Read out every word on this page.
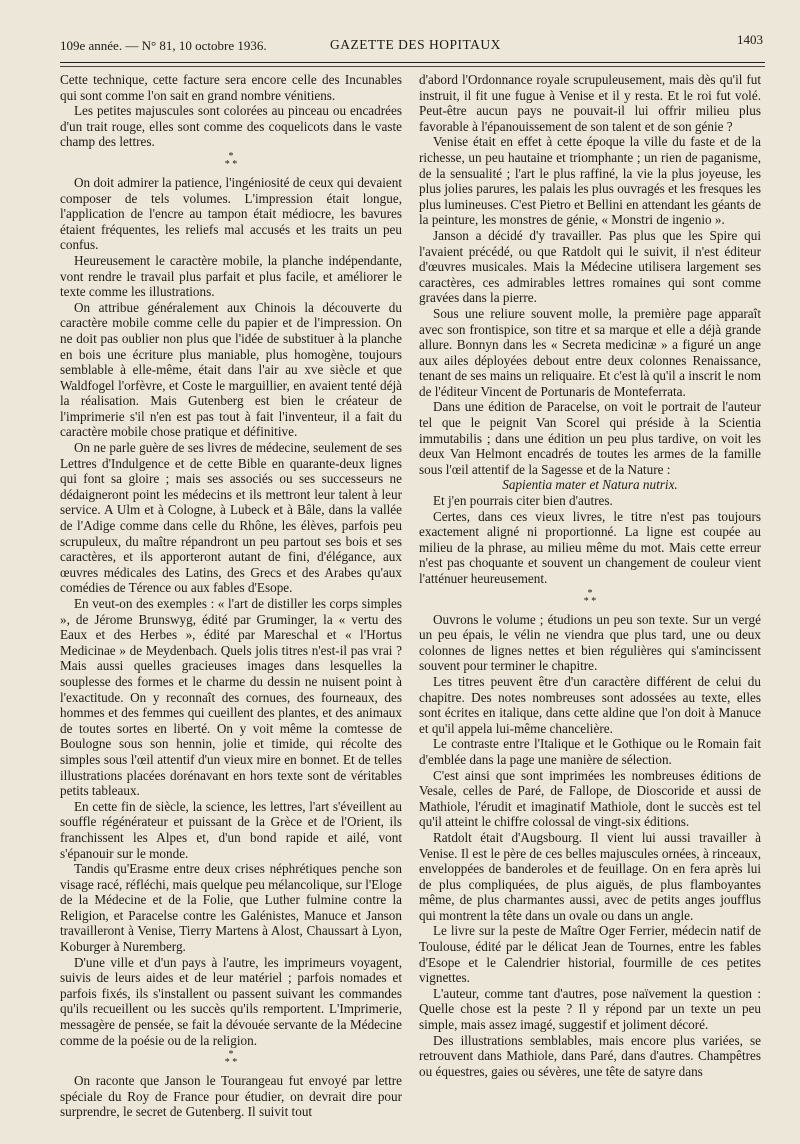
109e année. — N° 81, 10 octobre 1936.	GAZETTE DES HOPITAUX	1403

Cette technique, cette facture sera encore celle des Incunables qui sont comme l'on sait en grand nombre vénitiens.

Les petites majuscules sont colorées au pinceau ou encadrées d'un trait rouge, elles sont comme des coquelicots dans le vaste champ des lettres.

*
* *

On doit admirer la patience, l'ingéniosité de ceux qui devaient composer de tels volumes. L'impression était longue, l'application de l'encre au tampon était médiocre, les bavures étaient fréquentes, les reliefs mal accusés et les traits un peu confus.

Heureusement le caractère mobile, la planche indépendante, vont rendre le travail plus parfait et plus facile, et améliorer le texte comme les illustrations.

On attribue généralement aux Chinois la découverte du caractère mobile comme celle du papier et de l'impression. On ne doit pas oublier non plus que l'idée de substituer à la planche en bois une écriture plus maniable, plus homogène, toujours semblable à elle-même, était dans l'air au xve siècle et que Waldfogel l'orfèvre, et Coste le marguillier, en avaient tenté déjà la réalisation. Mais Gutenberg est bien le créateur de l'imprimerie s'il n'en est pas tout à fait l'inventeur, il a fait du caractère mobile chose pratique et définitive.

On ne parle guère de ses livres de médecine, seulement de ses Lettres d'Indulgence et de cette Bible en quarante-deux lignes qui font sa gloire ; mais ses associés ou ses successeurs ne dédaigneront point les médecins et ils mettront leur talent à leur service. A Ulm et à Cologne, à Lubeck et à Bâle, dans la vallée de l'Adige comme dans celle du Rhône, les élèves, parfois peu scrupuleux, du maître répandront un peu partout ses bois et ses caractères, et ils apporteront autant de fini, d'élégance, aux œuvres médicales des Latins, des Grecs et des Arabes qu'aux comédies de Térence ou aux fables d'Esope.

En veut-on des exemples : « l'art de distiller les corps simples », de Jérome Brunswyg, édité par Gruminger, la « vertu des Eaux et des Herbes », édité par Mareschal et « l'Hortus Medicinae » de Meydenbach. Quels jolis titres n'est-il pas vrai ? Mais aussi quelles gracieuses images dans lesquelles la souplesse des formes et le charme du dessin ne nuisent point à l'exactitude. On y reconnaît des cornues, des fourneaux, des hommes et des femmes qui cueillent des plantes, et des animaux de toutes sortes en liberté. On y voit même la comtesse de Boulogne sous son hennin, jolie et timide, qui récolte des simples sous l'œil attentif d'un vieux mire en bonnet. Et de telles illustrations placées dorénavant en hors texte sont de véritables petits tableaux.

En cette fin de siècle, la science, les lettres, l'art s'éveillent au souffle régénérateur et puissant de la Grèce et de l'Orient, ils franchissent les Alpes et, d'un bond rapide et ailé, vont s'épanouir sur le monde.

Tandis qu'Erasme entre deux crises néphrétiques penche son visage racé, réfléchi, mais quelque peu mélancolique, sur l'Eloge de la Médecine et de la Folie, que Luther fulmine contre la Religion, et Paracelse contre les Galénistes, Manuce et Janson travailleront à Venise, Tierry Martens à Alost, Chaussart à Lyon, Koburger à Nuremberg.

D'une ville et d'un pays à l'autre, les imprimeurs voyagent, suivis de leurs aides et de leur matériel ; parfois nomades et parfois fixés, ils s'installent ou passent suivant les commandes qu'ils recueillent ou les succès qu'ils remportent. L'Imprimerie, messagère de pensée, se fait la dévouée servante de la Médecine comme de la poésie ou de la religion.

*
* *

On raconte que Janson le Tourangeau fut envoyé par lettre spéciale du Roy de France pour étudier, on devrait dire pour surprendre, le secret de Gutenberg. Il suivit tout

d'abord l'Ordonnance royale scrupuleusement, mais dès qu'il fut instruit, il fit une fugue à Venise et il y resta. Et le roi fut volé. Peut-être aucun pays ne pouvait-il lui offrir milieu plus favorable à l'épanouissement de son talent et de son génie ?

Venise était en effet à cette époque la ville du faste et de la richesse, un peu hautaine et triomphante ; un rien de paganisme, de la sensualité ; l'art le plus raffiné, la vie la plus joyeuse, les plus jolies parures, les palais les plus ouvragés et les fresques les plus lumineuses. C'est Pietro et Bellini en attendant les géants de la peinture, les monstres de génie, « Monstri de ingenio ».

Janson a décidé d'y travailler. Pas plus que les Spire qui l'avaient précédé, ou que Ratdolt qui le suivit, il n'est éditeur d'œuvres musicales. Mais la Médecine utilisera largement ses caractères, ces admirables lettres romaines qui sont comme gravées dans la pierre.

Sous une reliure souvent molle, la première page apparaît avec son frontispice, son titre et sa marque et elle a déjà grande allure. Bonnyn dans les « Secreta medicinæ » a figuré un ange aux ailes déployées debout entre deux colonnes Renaissance, tenant de ses mains un reliquaire. Et c'est là qu'il a inscrit le nom de l'éditeur Vincent de Portunaris de Monteferrata.

Dans une édition de Paracelse, on voit le portrait de l'auteur tel que le peignit Van Scorel qui préside à la Scientia immutabilis ; dans une édition un peu plus tardive, on voit les deux Van Helmont encadrés de toutes les armes de la famille sous l'œil attentif de la Sagesse et de la Nature :

Sapientia mater et Natura nutrix.

Et j'en pourrais citer bien d'autres.

Certes, dans ces vieux livres, le titre n'est pas toujours exactement aligné ni proportionné. La ligne est coupée au milieu de la phrase, au milieu même du mot. Mais cette erreur n'est pas choquante et souvent un changement de couleur vient l'atténuer heureusement.

*
* *

Ouvrons le volume ; étudions un peu son texte. Sur un vergé un peu épais, le vélin ne viendra que plus tard, une ou deux colonnes de lignes nettes et bien régulières qui s'amincissent souvent pour terminer le chapitre.

Les titres peuvent être d'un caractère différent de celui du chapitre. Des notes nombreuses sont adossées au texte, elles sont écrites en italique, dans cette aldine que l'on doit à Manuce et qu'il appela lui-même chancelière.

Le contraste entre l'Italique et le Gothique ou le Romain fait d'emblée dans la page une manière de sélection.

C'est ainsi que sont imprimées les nombreuses éditions de Vesale, celles de Paré, de Fallope, de Dioscoride et aussi de Mathiole, l'érudit et imaginatif Mathiole, dont le succès est tel qu'il atteint le chiffre colossal de vingt-six éditions.

Ratdolt était d'Augsbourg. Il vient lui aussi travailler à Venise. Il est le père de ces belles majuscules ornées, à rinceaux, enveloppées de banderoles et de feuillage. On en fera après lui de plus compliquées, de plus aiguës, de plus flamboyantes même, de plus charmantes aussi, avec de petits anges joufflus qui montrent la tête dans un ovale ou dans un angle.

Le livre sur la peste de Maître Oger Ferrier, médecin natif de Toulouse, édité par le délicat Jean de Tournes, entre les fables d'Esope et le Calendrier historial, fourmille de ces petites vignettes.

L'auteur, comme tant d'autres, pose naïvement la question : Quelle chose est la peste ? Il y répond par un texte un peu simple, mais assez imagé, suggestif et joliment décoré.

Des illustrations semblables, mais encore plus variées, se retrouvent dans Mathiole, dans Paré, dans d'autres. Champêtres ou équestres, gaies ou sévères, une tête de satyre dans
